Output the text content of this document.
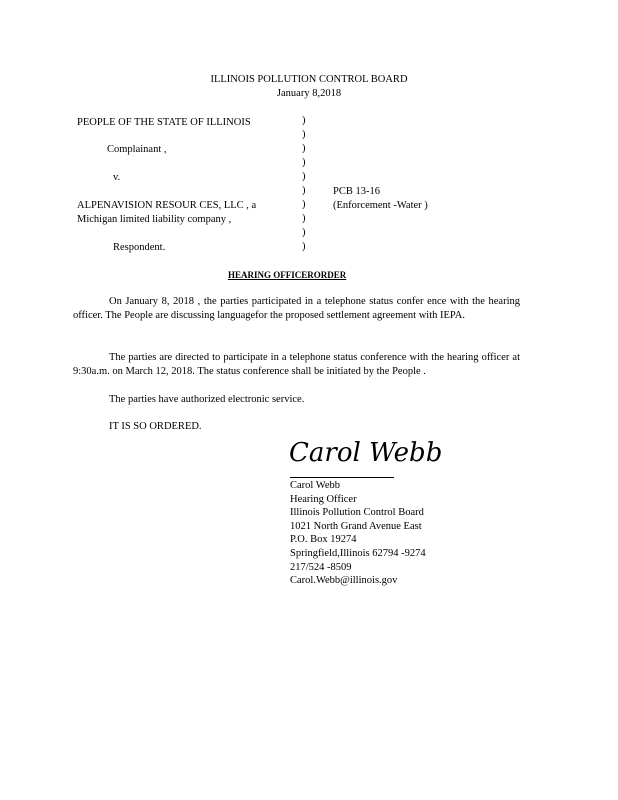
ILLINOIS POLLUTION CONTROL BOARD
January 8,2018
PEOPLE OF THE STATE OF ILLINOIS
Complainant ,
v.
ALPENAVISION RESOUR CES, LLC , a
Michigan limited liability company ,
Respondent.
)
)
)
)
)
)
)
)
)
)
PCB 13-16
(Enforcement -Water )
HEARING OFFICERORDER

On January 8, 2018 , the parties participated in a telephone status confer ence with the hearing officer. The People are discussing languagefor the proposed settlement agreement with IEPA.

The parties are directed to participate in a telephone status conference with the hearing officer at 9:30a.m. on March 12, 2018. The status conference shall be initiated by the People .

The parties have authorized electronic service.

IT IS SO ORDERED.

Carol Webb
Carol Webb
Hearing Officer
Illinois Pollution Control Board
1021 North Grand Avenue East
P.O. Box 19274
Springfield,Illinois 62794 -9274
217/524 -8509
Carol.Webb@illinois.gov
